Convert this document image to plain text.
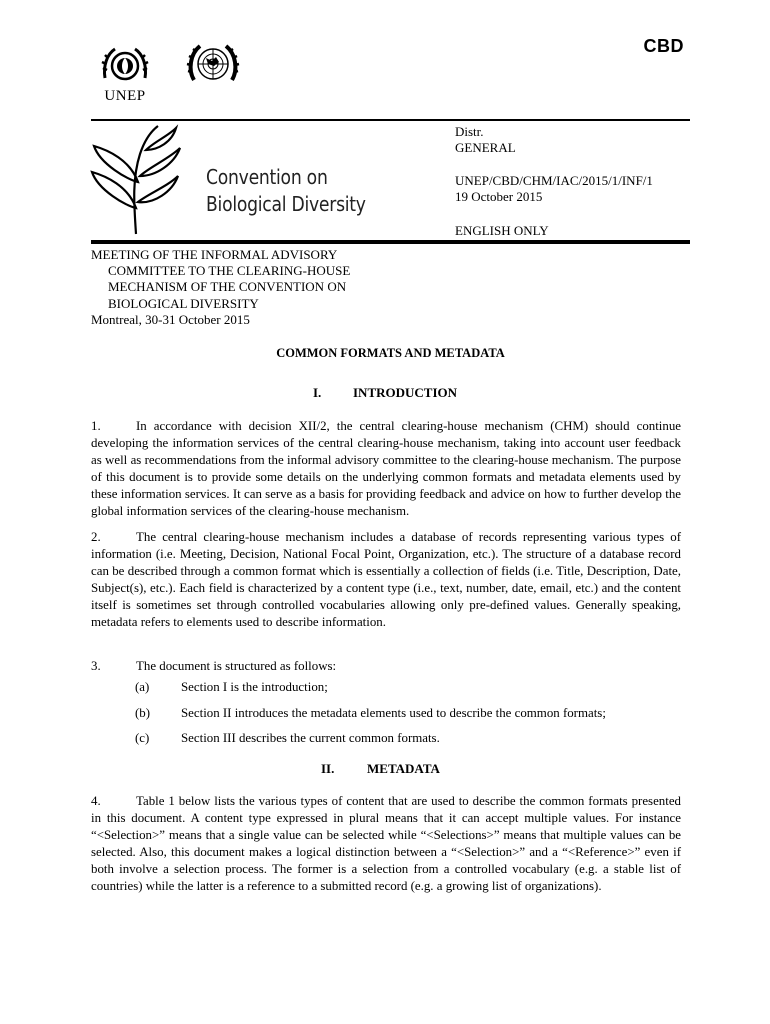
CBD
UNEP
Convention on
Biological Diversity
Distr.
GENERAL
UNEP/CBD/CHM/IAC/2015/1/INF/1
19 October 2015
ENGLISH ONLY
MEETING OF THE INFORMAL ADVISORY
COMMITTEE TO THE CLEARING-HOUSE
MECHANISM OF THE CONVENTION ON
BIOLOGICAL DIVERSITY
Montreal, 30-31 October 2015
COMMON FORMATS AND METADATA
I. INTRODUCTION
1.	In accordance with decision XII/2, the central clearing-house mechanism (CHM) should continue developing the information services of the central clearing-house mechanism, taking into account user feedback as well as recommendations from the informal advisory committee to the clearing-house mechanism. The purpose of this document is to provide some details on the underlying common formats and metadata elements used by these information services. It can serve as a basis for providing feedback and advice on how to further develop the global information services of the clearing-house mechanism.
2.	The central clearing-house mechanism includes a database of records representing various types of information (i.e. Meeting, Decision, National Focal Point, Organization, etc.). The structure of a database record can be described through a common format which is essentially a collection of fields (i.e. Title, Description, Date, Subject(s), etc.). Each field is characterized by a content type (i.e., text, number, date, email, etc.) and the content itself is sometimes set through controlled vocabularies allowing only pre-defined values. Generally speaking, metadata refers to elements used to describe information.
3.	The document is structured as follows:
(a) Section I is the introduction;
(b) Section II introduces the metadata elements used to describe the common formats;
(c) Section III describes the current common formats.
II.	METADATA
4.	Table 1 below lists the various types of content that are used to describe the common formats presented in this document. A content type expressed in plural means that it can accept multiple values. For instance “<Selection>” means that a single value can be selected while “<Selections>” means that multiple values can be selected. Also, this document makes a logical distinction between a “<Selection>” and a “<Reference>” even if both involve a selection process. The former is a selection from a controlled vocabulary (e.g. a stable list of countries) while the latter is a reference to a submitted record (e.g. a growing list of organizations).
